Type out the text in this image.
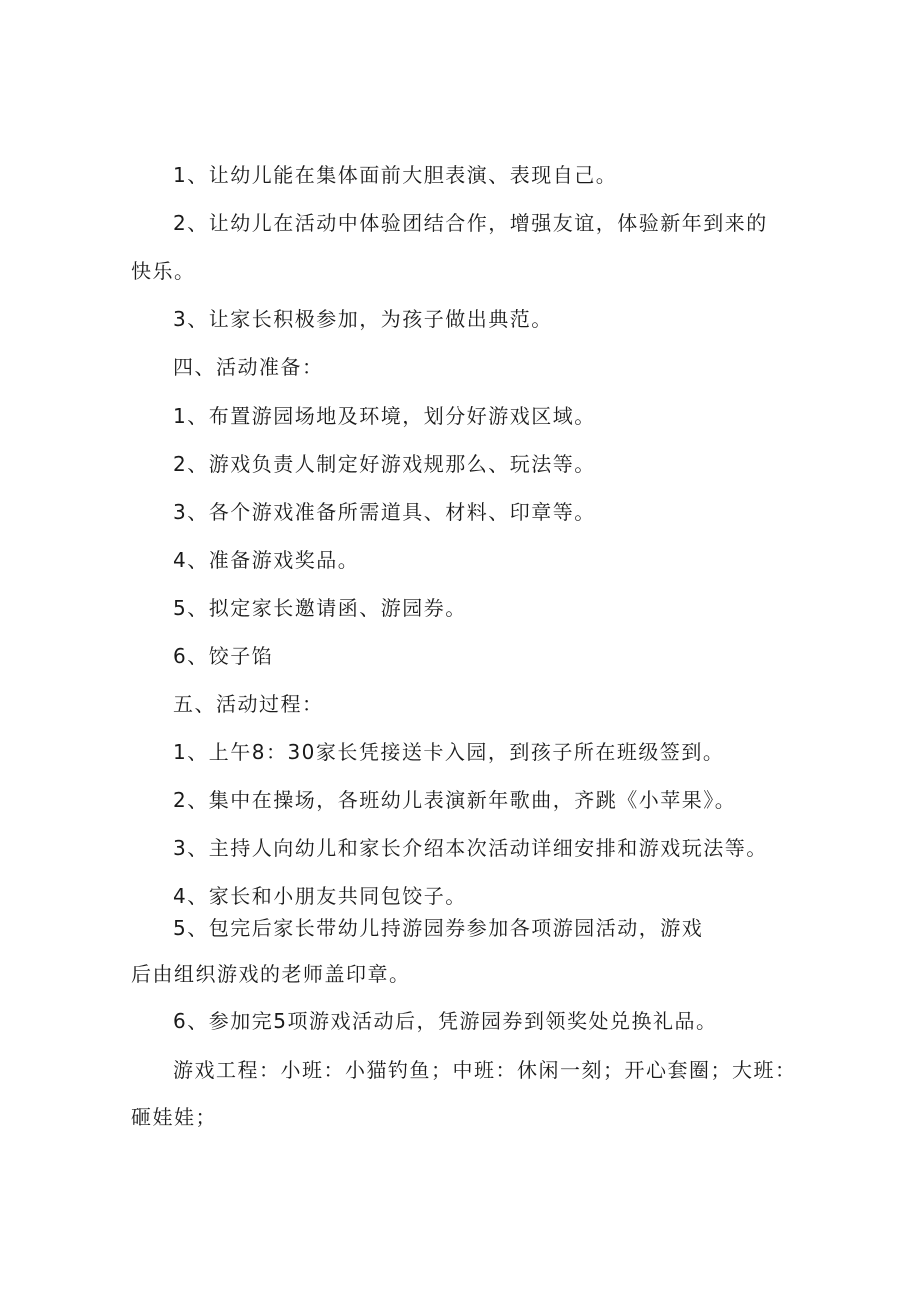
1、让幼儿能在集体面前大胆表演、表现自己。
2、让幼儿在活动中体验团结合作，增强友谊，体验新年到来的
快乐。
3、让家长积极参加，为孩子做出典范。
四、活动准备：
1、布置游园场地及环境，划分好游戏区域。
2、游戏负责人制定好游戏规那么、玩法等。
3、各个游戏准备所需道具、材料、印章等。
4、准备游戏奖品。
5、拟定家长邀请函、游园券。
6、饺子馅
五、活动过程：
1、上午8：30家长凭接送卡入园，到孩子所在班级签到。
2、集中在操场，各班幼儿表演新年歌曲，齐跳《小苹果》。
3、主持人向幼儿和家长介绍本次活动详细安排和游戏玩法等。
4、家长和小朋友共同包饺子。
5、包完后家长带幼儿持游园券参加各项游园活动，游戏
后由组织游戏的老师盖印章。
6、参加完5项游戏活动后，凭游园券到领奖处兑换礼品。
游戏工程：小班：小猫钓鱼；中班：休闲一刻；开心套圈；大班：
砸娃娃；
